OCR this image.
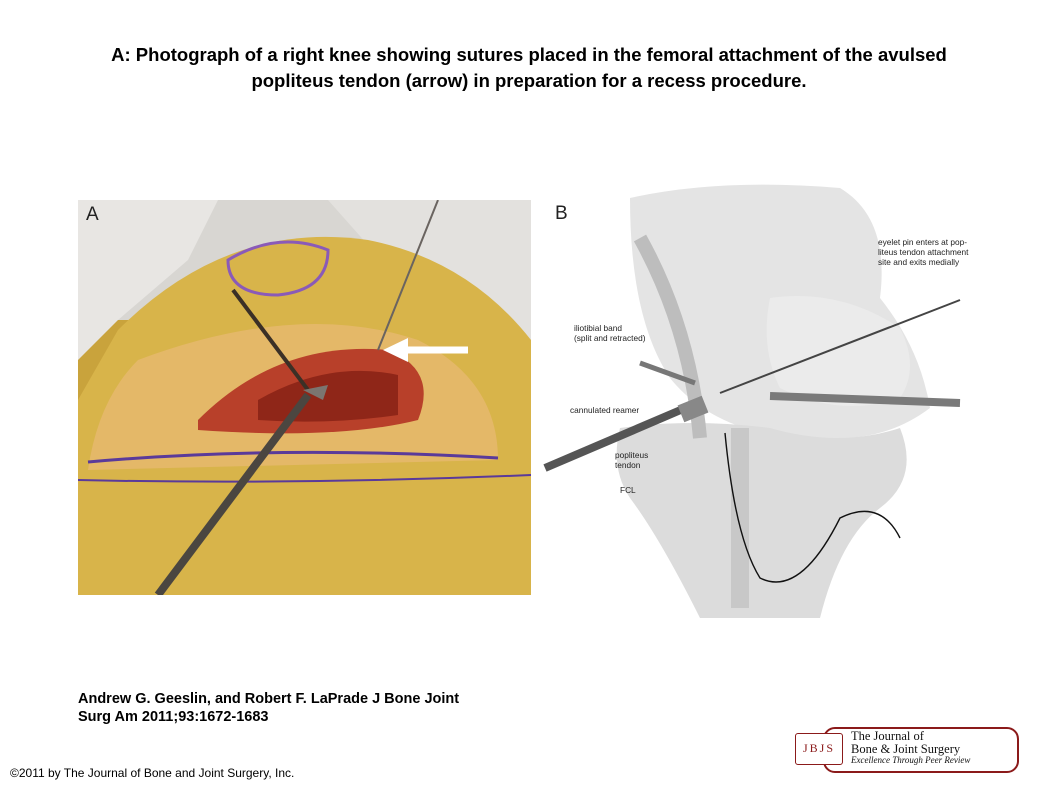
A: Photograph of a right knee showing sutures placed in the femoral attachment of the avulsed
popliteus tendon (arrow) in preparation for a recess procedure.
A	B
eyelet pin enters at pop-
liteus tendon attachment
site and exits medially
iliotibial band
(split and retracted)
cannulated reamer
popliteus
tendon
FCL
Andrew G. Geeslin, and Robert F. LaPrade J Bone Joint
Surg Am 2011;93:1672-1683
©2011 by The Journal of Bone and Joint Surgery, Inc.
JBJS
The Journal of
Bone & Joint Surgery
Excellence Through Peer Review
